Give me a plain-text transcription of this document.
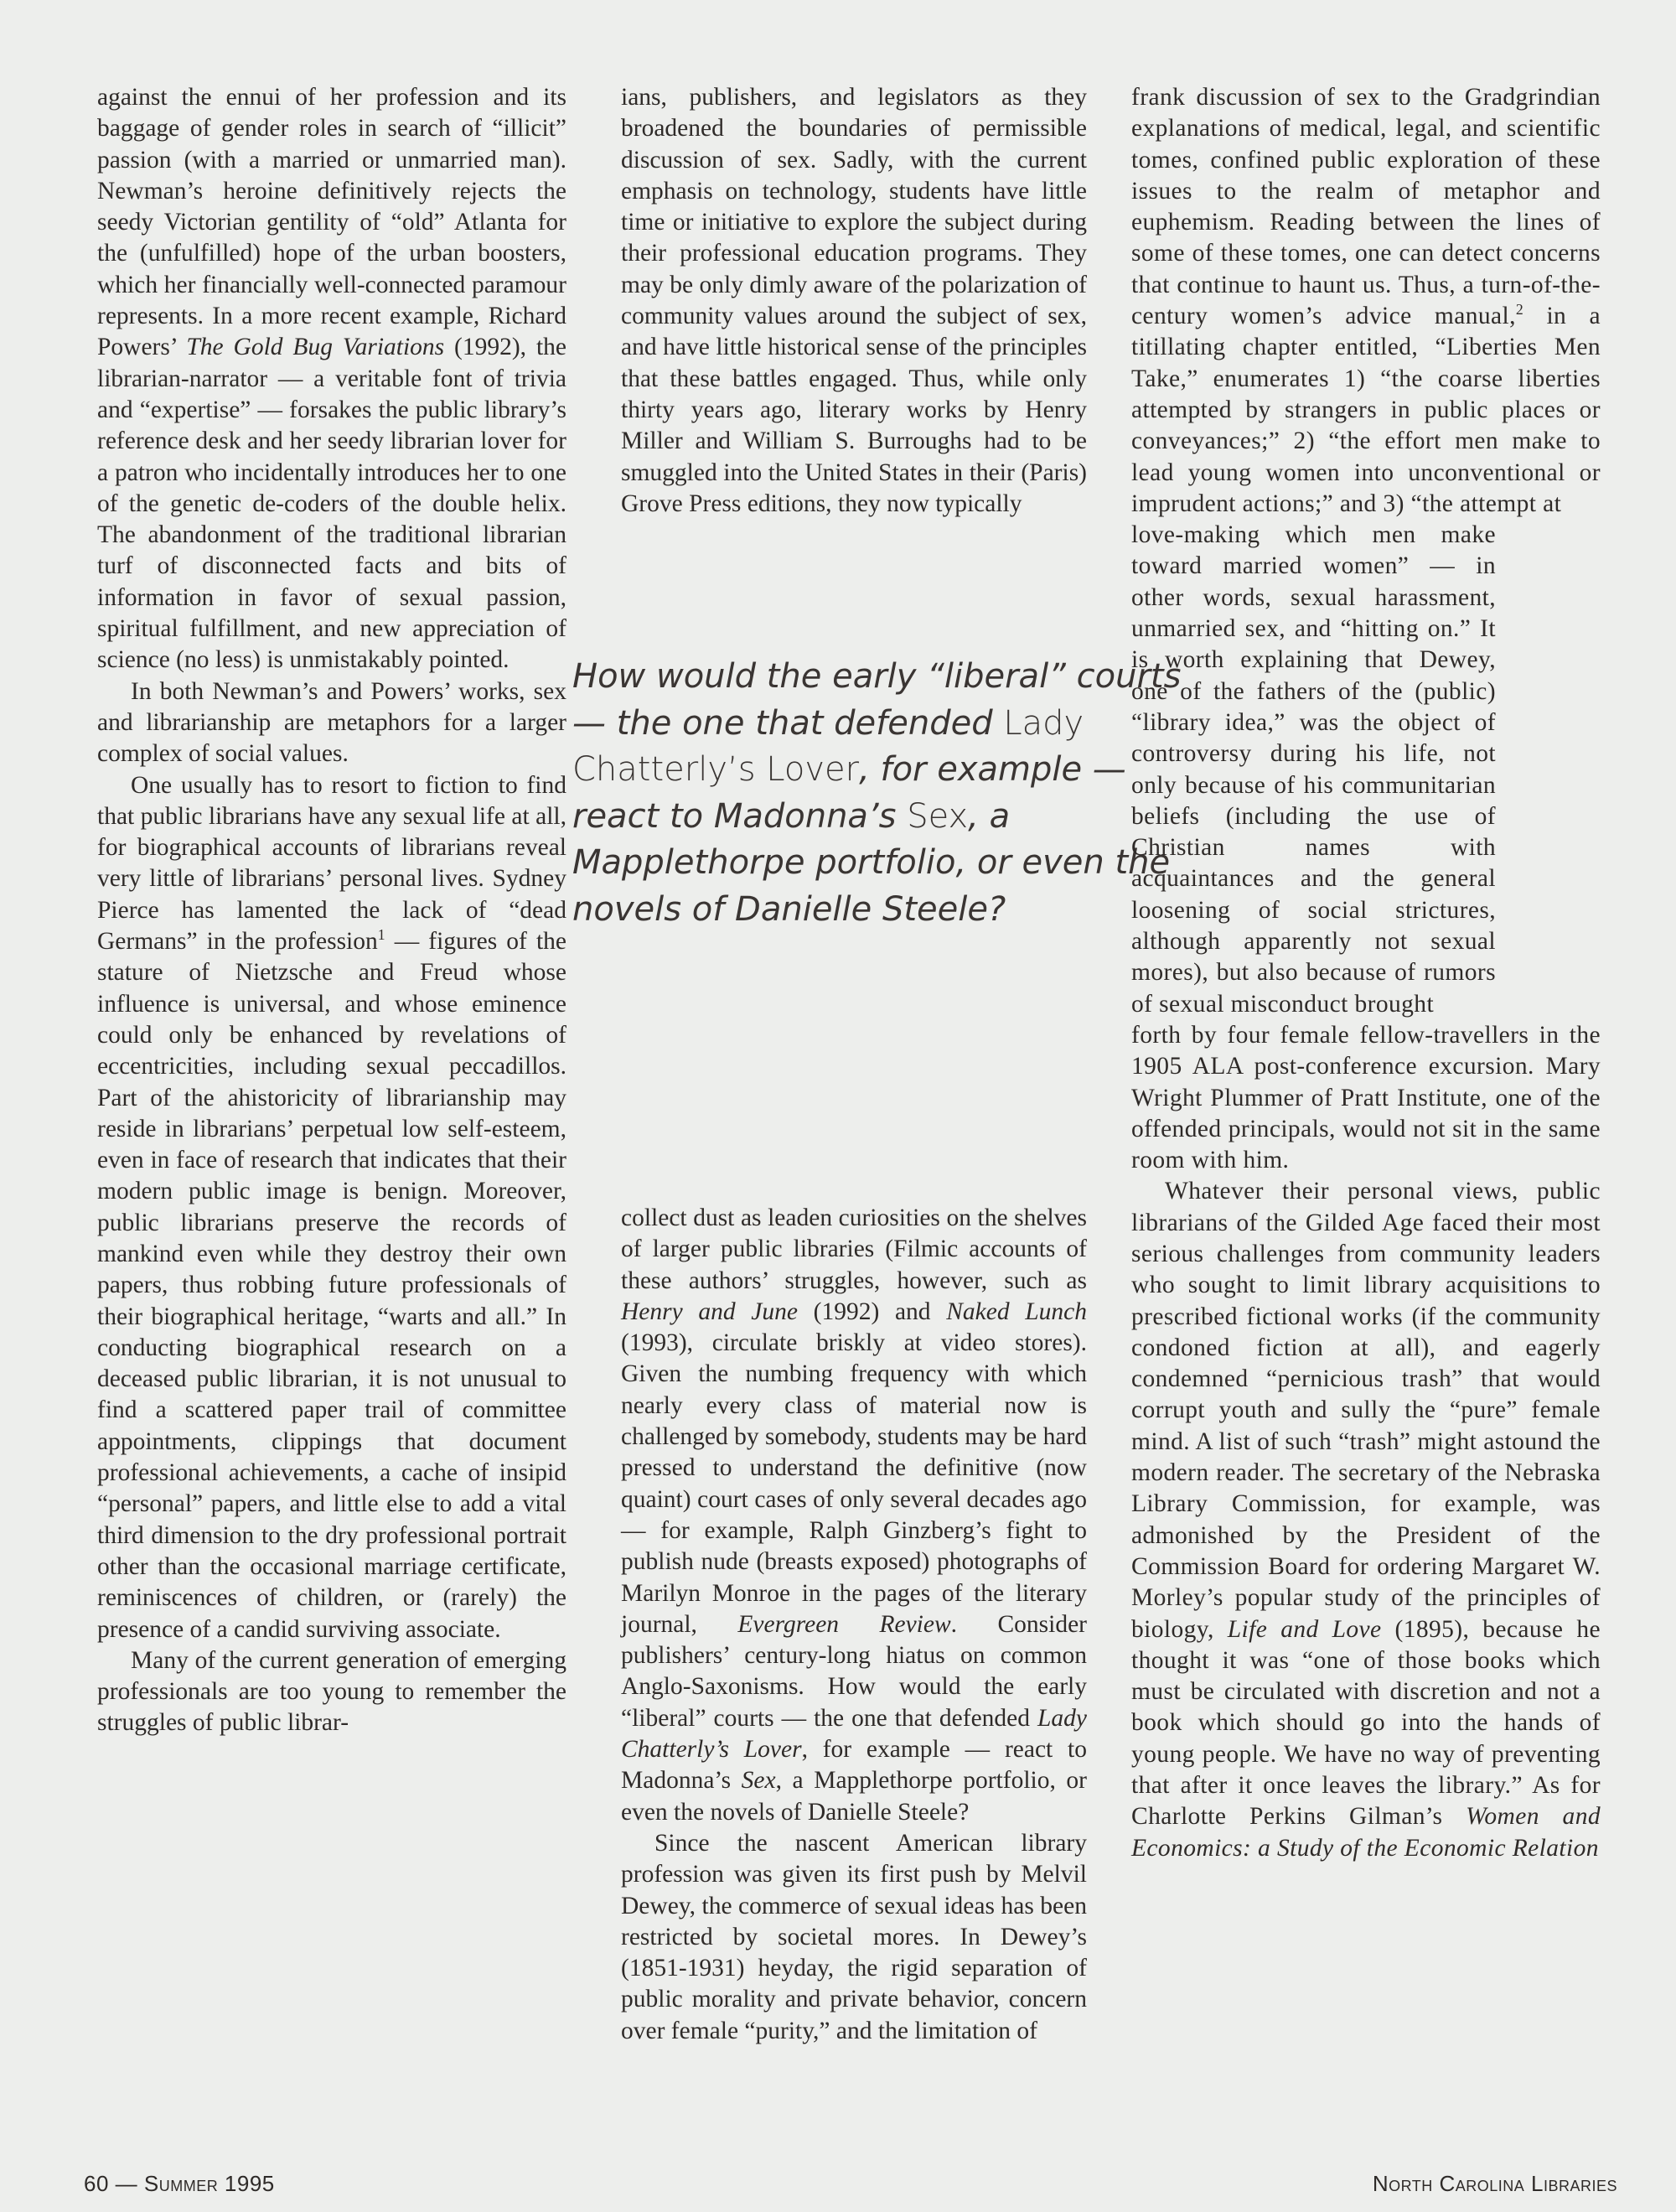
against the ennui of her profession and its baggage of gender roles in search of “illicit” passion (with a married or unmarried man). Newman’s heroine definitively rejects the seedy Victorian gentility of “old” Atlanta for the (unfulfilled) hope of the urban boosters, which her financially well-connected paramour represents. In a more recent example, Richard Powers’ The Gold Bug Variations (1992), the librarian-narrator — a veritable font of trivia and “expertise” — forsakes the public library’s reference desk and her seedy librarian lover for a patron who incidentally introduces her to one of the genetic de-coders of the double helix. The abandonment of the traditional librarian turf of disconnected facts and bits of information in favor of sexual passion, spiritual fulfillment, and new appreciation of science (no less) is unmistakably pointed.

In both Newman’s and Powers’ works, sex and librarianship are metaphors for a larger complex of social values.

One usually has to resort to fiction to find that public librarians have any sexual life at all, for biographical accounts of librarians reveal very little of librarians’ personal lives. Sydney Pierce has lamented the lack of “dead Germans” in the profession$^1$ — figures of the stature of Nietzsche and Freud whose influence is universal, and whose eminence could only be enhanced by revelations of eccentricities, including sexual peccadillos. Part of the ahistoricity of librarianship may reside in librarians’ perpetual low self-esteem, even in face of research that indicates that their modern public image is benign. Moreover, public librarians preserve the records of mankind even while they destroy their own papers, thus robbing future professionals of their biographical heritage, “warts and all.” In conducting biographical research on a deceased public librarian, it is not unusual to find a scattered paper trail of committee appointments, clippings that document professional achievements, a cache of insipid “personal” papers, and little else to add a vital third dimension to the dry professional portrait other than the occasional marriage certificate, reminiscences of children, or (rarely) the presence of a candid surviving associate.

Many of the current generation of emerging professionals are too young to remember the struggles of public librar-

ians, publishers, and legislators as they broadened the boundaries of permissible discussion of sex. Sadly, with the current emphasis on technology, students have little time or initiative to explore the subject during their professional education programs. They may be only dimly aware of the polarization of community values around the subject of sex, and have little historical sense of the principles that these battles engaged. Thus, while only thirty years ago, literary works by Henry Miller and William S. Burroughs had to be smuggled into the United States in their (Paris) Grove Press editions, they now typically

How would the early “liberal” courts — the one that defended Lady Chatterly’s Lover, for example — react to Madonna’s Sex, a Mapplethorpe portfolio, or even the novels of Danielle Steele?

collect dust as leaden curiosities on the shelves of larger public libraries (Filmic accounts of these authors’ struggles, however, such as Henry and June (1992) and Naked Lunch (1993), circulate briskly at video stores). Given the numbing frequency with which nearly every class of material now is challenged by somebody, students may be hard pressed to understand the definitive (now quaint) court cases of only several decades ago — for example, Ralph Ginzberg’s fight to publish nude (breasts exposed) photographs of Marilyn Monroe in the pages of the literary journal, Evergreen Review. Consider publishers’ century-long hiatus on common Anglo-Saxonisms. How would the early “liberal” courts — the one that defended Lady Chatterly’s Lover, for example — react to Madonna’s Sex, a Mapplethorpe portfolio, or even the novels of Danielle Steele?

Since the nascent American library profession was given its first push by Melvil Dewey, the commerce of sexual ideas has been restricted by societal mores. In Dewey’s (1851-1931) heyday, the rigid separation of public morality and private behavior, concern over female “purity,” and the limitation of

frank discussion of sex to the Gradgrindian explanations of medical, legal, and scientific tomes, confined public exploration of these issues to the realm of metaphor and euphemism. Reading between the lines of some of these tomes, one can detect concerns that continue to haunt us. Thus, a turn-of-the-century women’s advice manual,$^2$ in a titillating chapter entitled, “Liberties Men Take,” enumerates 1) “the coarse liberties attempted by strangers in public places or conveyances;” 2) “the effort men make to lead young women into unconventional or imprudent actions;” and 3) “the attempt at

love-making which men make toward married women” — in other words, sexual harassment, unmarried sex, and “hitting on.” It is worth explaining that Dewey, one of the fathers of the (public) “library idea,” was the object of controversy during his life, not only because of his communitarian beliefs (including the use of Christian names with acquaintances and the general loosening of social strictures, although apparently not sexual mores), but also because of rumors of sexual misconduct brought

forth by four female fellow-travellers in the 1905 ALA post-conference excursion. Mary Wright Plummer of Pratt Institute, one of the offended principals, would not sit in the same room with him.

Whatever their personal views, public librarians of the Gilded Age faced their most serious challenges from community leaders who sought to limit library acquisitions to prescribed fictional works (if the community condoned fiction at all), and eagerly condemned “pernicious trash” that would corrupt youth and sully the “pure” female mind. A list of such “trash” might astound the modern reader. The secretary of the Nebraska Library Commission, for example, was admonished by the President of the Commission Board for ordering Margaret W. Morley’s popular study of the principles of biology, Life and Love (1895), because he thought it was “one of those books which must be circulated with discretion and not a book which should go into the hands of young people. We have no way of preventing that after it once leaves the library.” As for Charlotte Perkins Gilman’s Women and Economics: a Study of the Economic Relation

60 — Summer 1995	North Carolina Libraries
